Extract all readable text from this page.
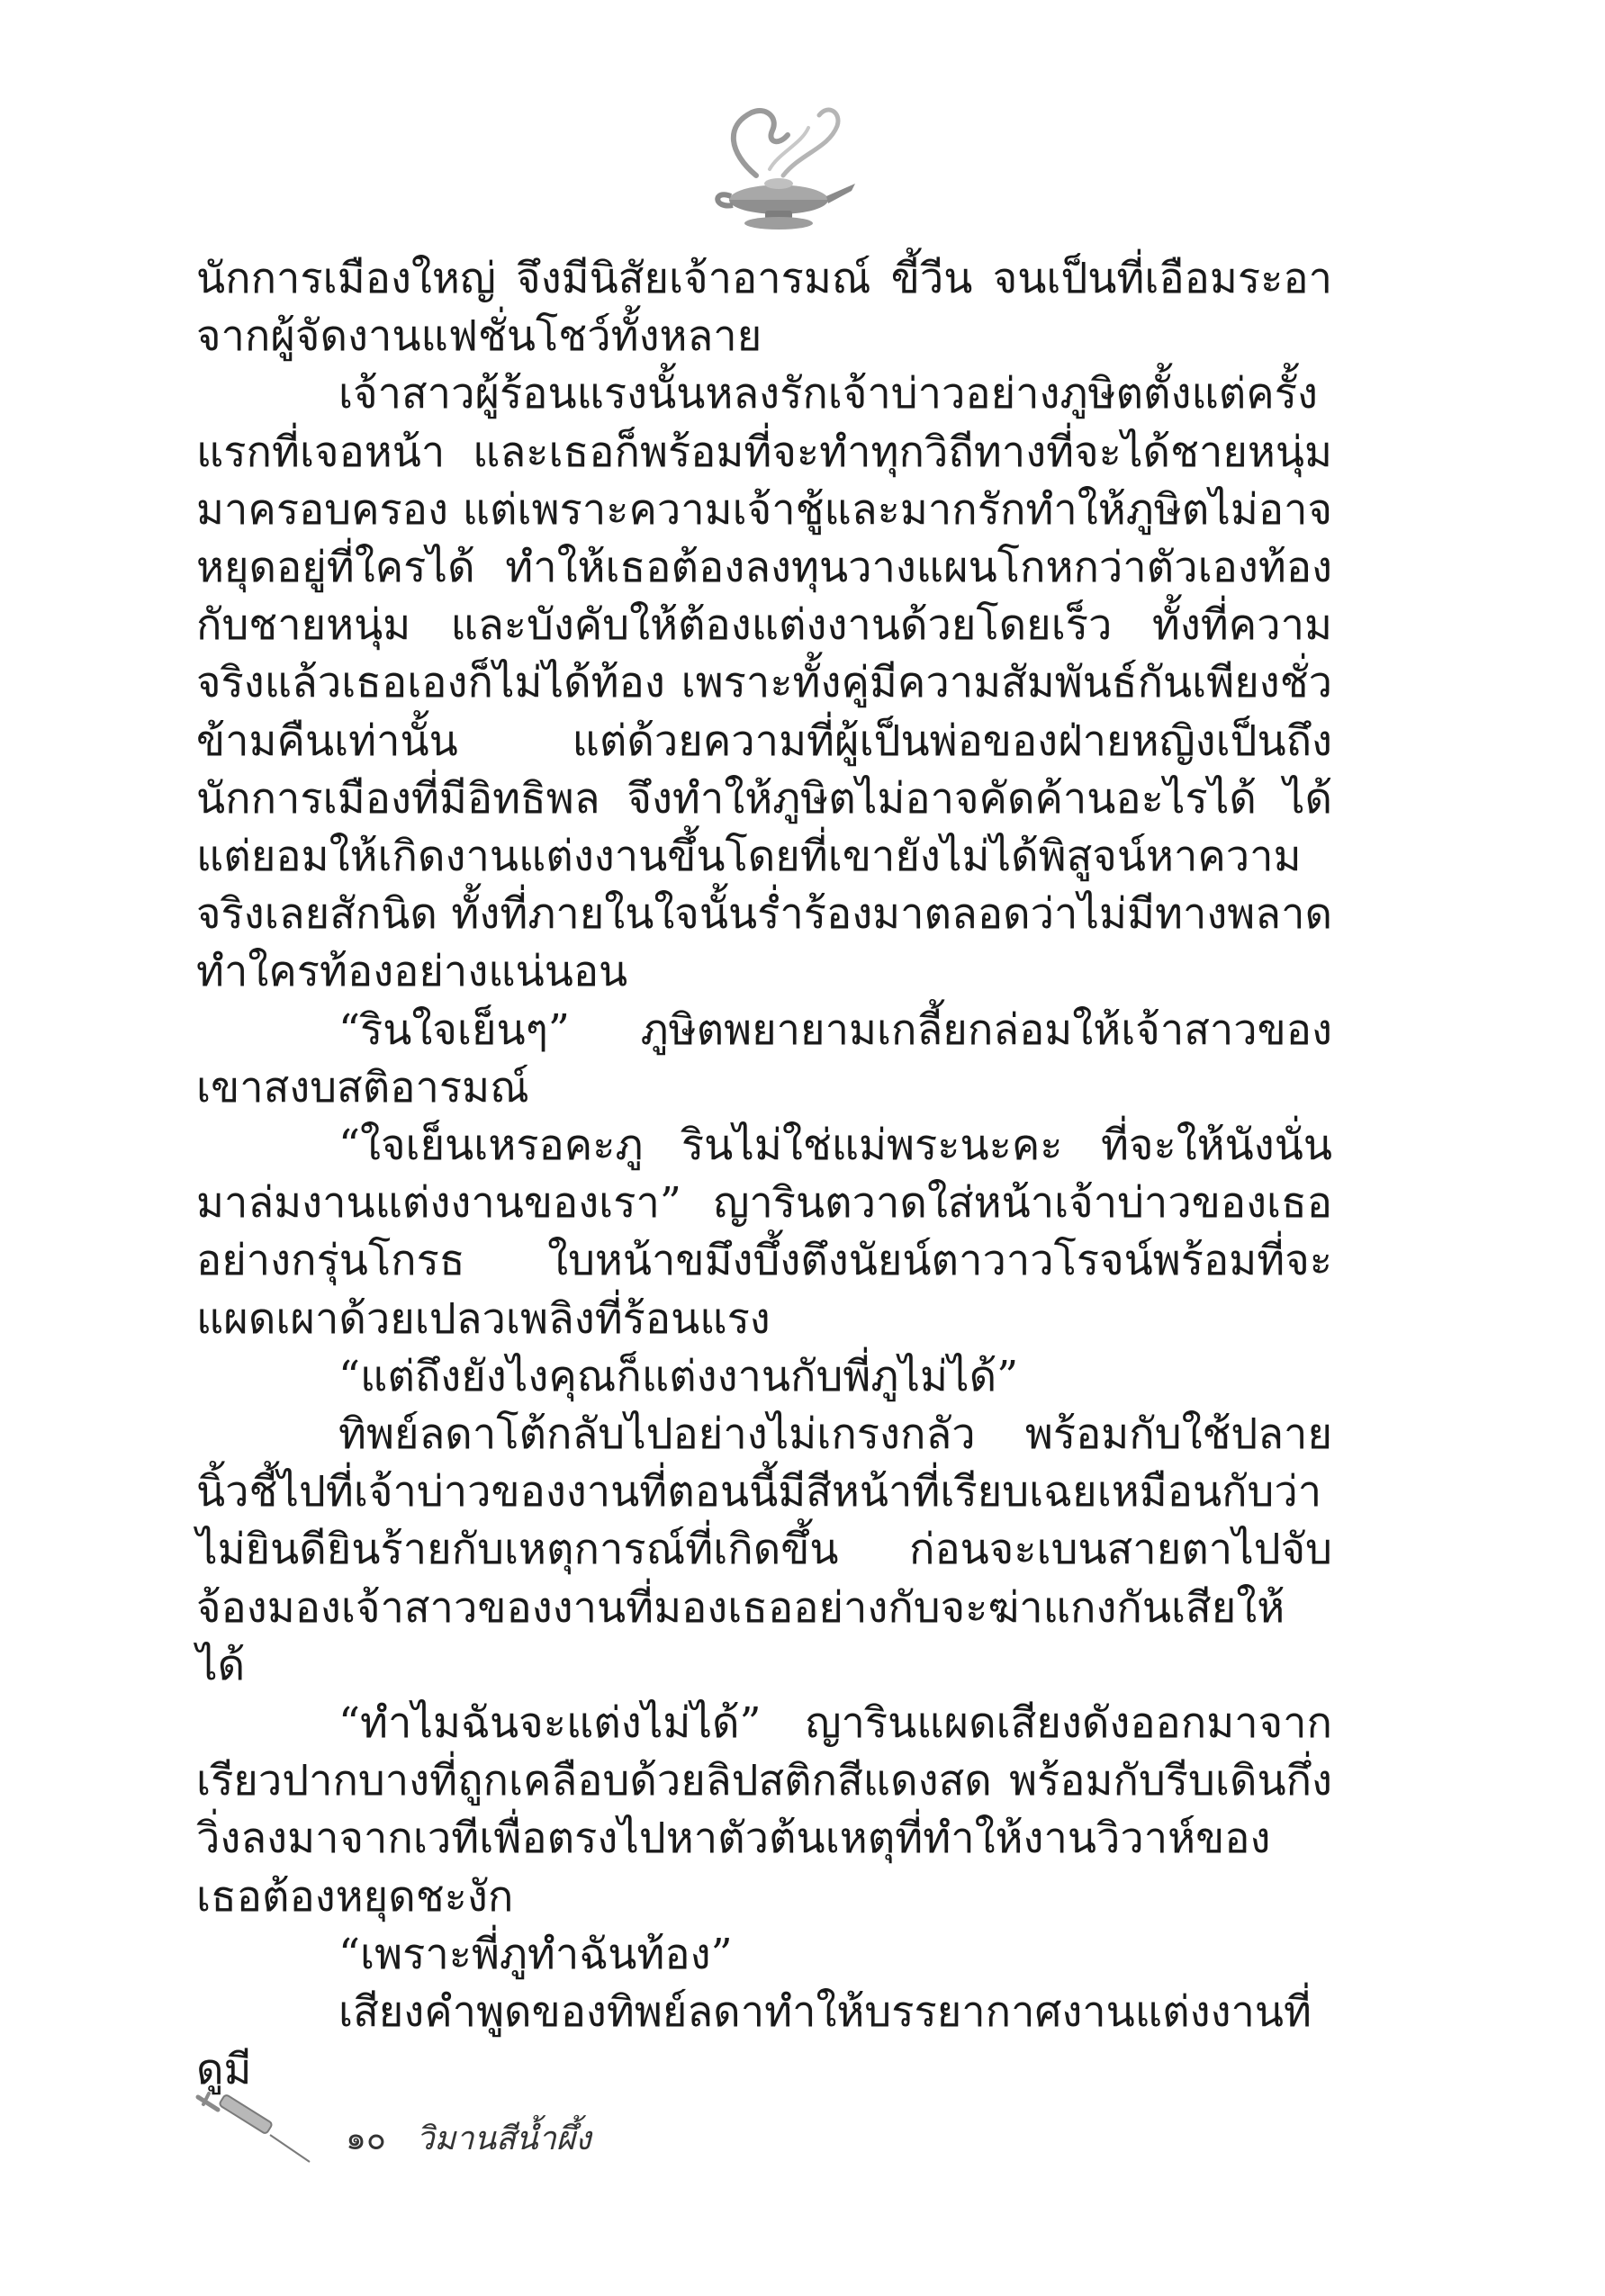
นักการเมืองใหญ่ จึงมีนิสัยเจ้าอารมณ์ ขี้วีน จนเป็นที่เอือมระอาจากผู้จัดงานแฟชั่นโชว์ทั้งหลาย

เจ้าสาวผู้ร้อนแรงนั้นหลงรักเจ้าบ่าวอย่างภูษิตตั้งแต่ครั้งแรกที่เจอหน้า และเธอก็พร้อมที่จะทำทุกวิถีทางที่จะได้ชายหนุ่มมาครอบครอง แต่เพราะความเจ้าชู้และมากรักทำให้ภูษิตไม่อาจหยุดอยู่ที่ใครได้ ทำให้เธอต้องลงทุนวางแผนโกหกว่าตัวเองท้องกับชายหนุ่ม และบังคับให้ต้องแต่งงานด้วยโดยเร็ว ทั้งที่ความจริงแล้วเธอเองก็ไม่ได้ท้อง เพราะทั้งคู่มีความสัมพันธ์กันเพียงชั่วข้ามคืนเท่านั้น แต่ด้วยความที่ผู้เป็นพ่อของฝ่ายหญิงเป็นถึงนักการเมืองที่มีอิทธิพล จึงทำให้ภูษิตไม่อาจคัดค้านอะไรได้ ได้แต่ยอมให้เกิดงานแต่งงานขึ้นโดยที่เขายังไม่ได้พิสูจน์หาความจริงเลยสักนิด ทั้งที่ภายในใจนั้นร่ำร้องมาตลอดว่าไม่มีทางพลาดทำใครท้องอย่างแน่นอน

“รินใจเย็นๆ” ภูษิตพยายามเกลี้ยกล่อมให้เจ้าสาวของเขาสงบสติอารมณ์

“ใจเย็นเหรอคะภู รินไม่ใช่แม่พระนะคะ ที่จะให้นังนั่นมาล่มงานแต่งงานของเรา” ญารินตวาดใส่หน้าเจ้าบ่าวของเธออย่างกรุ่นโกรธ ใบหน้าขมึงบึ้งตึงนัยน์ตาวาวโรจน์พร้อมที่จะแผดเผาด้วยเปลวเพลิงที่ร้อนแรง

“แต่ถึงยังไงคุณก็แต่งงานกับพี่ภูไม่ได้”

ทิพย์ลดาโต้กลับไปอย่างไม่เกรงกลัว พร้อมกับใช้ปลายนิ้วชี้ไปที่เจ้าบ่าวของงานที่ตอนนี้มีสีหน้าที่เรียบเฉยเหมือนกับว่าไม่ยินดียินร้ายกับเหตุการณ์ที่เกิดขึ้น ก่อนจะเบนสายตาไปจับจ้องมองเจ้าสาวของงานที่มองเธออย่างกับจะฆ่าแกงกันเสียให้ได้

“ทำไมฉันจะแต่งไม่ได้” ญารินแผดเสียงดังออกมาจากเรียวปากบางที่ถูกเคลือบด้วยลิปสติกสีแดงสด พร้อมกับรีบเดินกึ่งวิ่งลงมาจากเวทีเพื่อตรงไปหาตัวต้นเหตุที่ทำให้งานวิวาห์ของเธอต้องหยุดชะงัก

“เพราะพี่ภูทำฉันท้อง”

เสียงคำพูดของทิพย์ลดาทำให้บรรยากาศงานแต่งงานที่ดูมี

๑๐ วิมานสีน้ำผึ้ง
